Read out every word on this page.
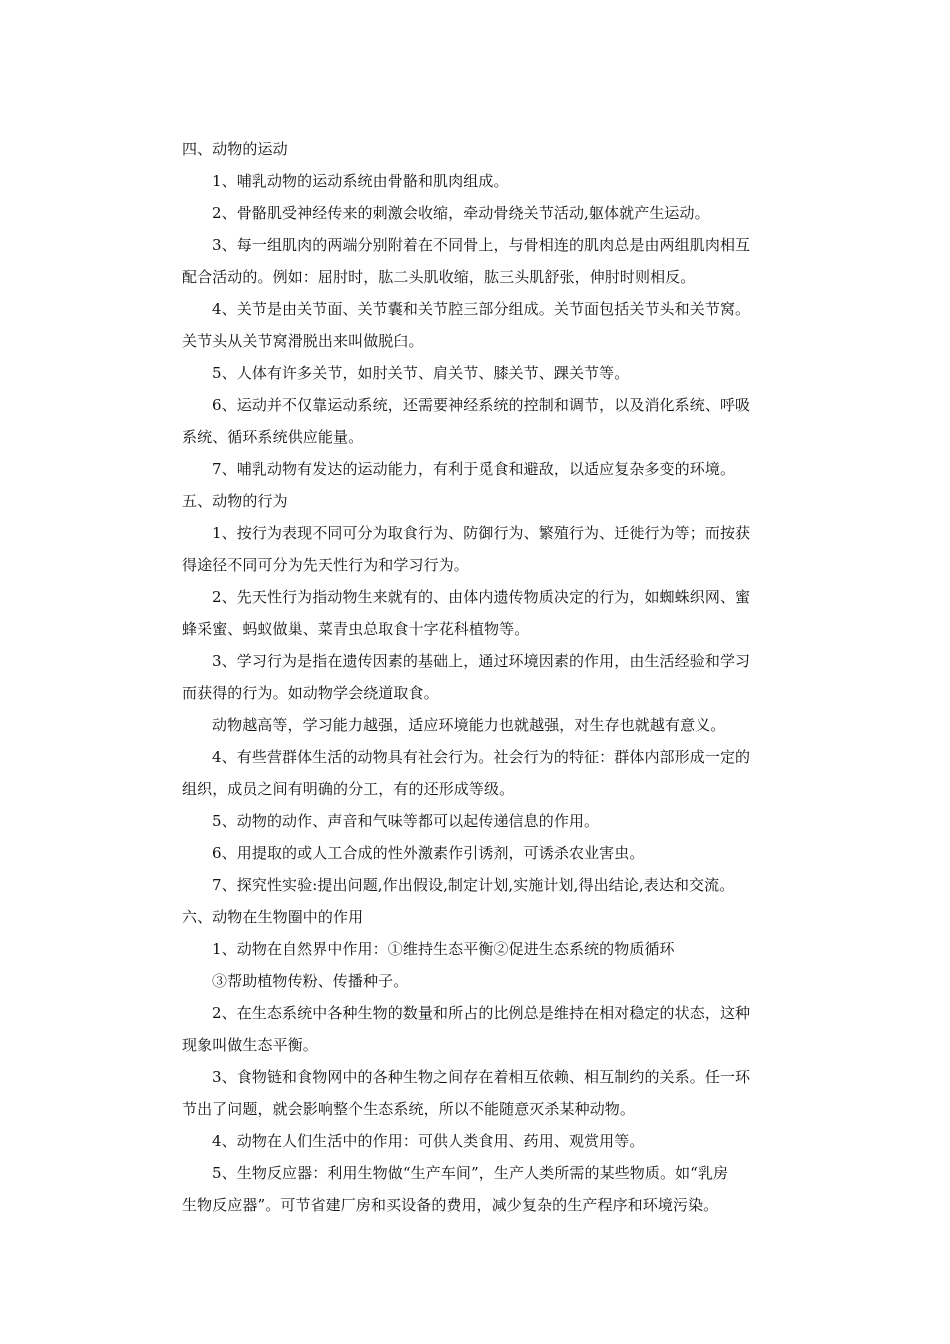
四、动物的运动
1、哺乳动物的运动系统由骨骼和肌肉组成。
2、骨骼肌受神经传来的刺激会收缩，牵动骨绕关节活动,躯体就产生运动。
3、每一组肌肉的两端分别附着在不同骨上，与骨相连的肌肉总是由两组肌肉相互
配合活动的。例如：屈肘时，肱二头肌收缩，肱三头肌舒张，伸肘时则相反。
4、关节是由关节面、关节囊和关节腔三部分组成。关节面包括关节头和关节窝。
关节头从关节窝滑脱出来叫做脱臼。
5、人体有许多关节，如肘关节、肩关节、膝关节、踝关节等。
6、运动并不仅靠运动系统，还需要神经系统的控制和调节，以及消化系统、呼吸
系统、循环系统供应能量。
7、哺乳动物有发达的运动能力，有利于觅食和避敌，以适应复杂多变的环境。
五、动物的行为
1、按行为表现不同可分为取食行为、防御行为、繁殖行为、迁徙行为等；而按获
得途径不同可分为先天性行为和学习行为。
2、先天性行为指动物生来就有的、由体内遗传物质决定的行为，如蜘蛛织网、蜜
蜂采蜜、蚂蚁做巢、菜青虫总取食十字花科植物等。
3、学习行为是指在遗传因素的基础上，通过环境因素的作用，由生活经验和学习
而获得的行为。如动物学会绕道取食。
动物越高等，学习能力越强，适应环境能力也就越强，对生存也就越有意义。
4、有些营群体生活的动物具有社会行为。社会行为的特征：群体内部形成一定的
组织，成员之间有明确的分工，有的还形成等级。
5、动物的动作、声音和气味等都可以起传递信息的作用。
6、用提取的或人工合成的性外激素作引诱剂，可诱杀农业害虫。
7、探究性实验:提出问题,作出假设,制定计划,实施计划,得出结论,表达和交流。
六、动物在生物圈中的作用
1、动物在自然界中作用：①维持生态平衡②促进生态系统的物质循环
③帮助植物传粉、传播种子。
2、在生态系统中各种生物的数量和所占的比例总是维持在相对稳定的状态，这种
现象叫做生态平衡。
3、食物链和食物网中的各种生物之间存在着相互依赖、相互制约的关系。任一环
节出了问题，就会影响整个生态系统，所以不能随意灭杀某种动物。
4、动物在人们生活中的作用：可供人类食用、药用、观赏用等。
5、生物反应器：利用生物做“生产车间”，生产人类所需的某些物质。如“乳房
生物反应器”。可节省建厂房和买设备的费用，减少复杂的生产程序和环境污染。
